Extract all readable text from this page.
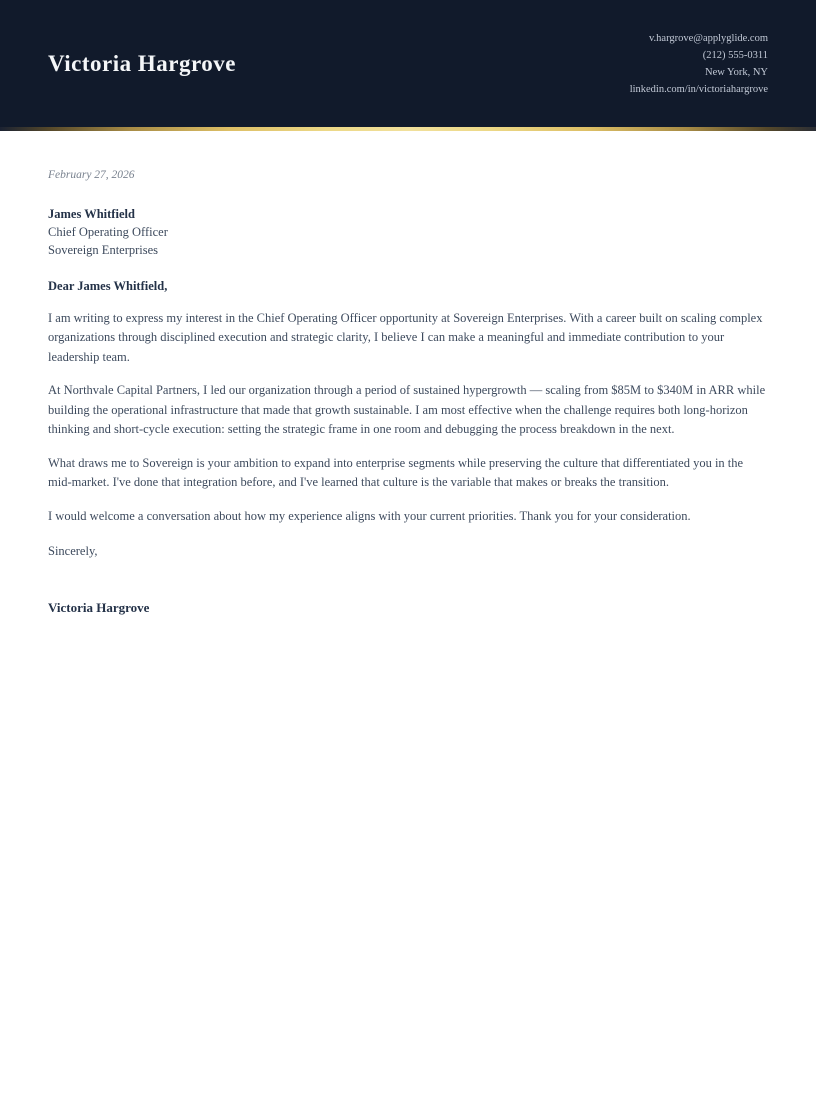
Victoria Hargrove
v.hargrove@applyglide.com
(212) 555-0311
New York, NY
linkedin.com/in/victoriahargrove
February 27, 2026
James Whitfield
Chief Operating Officer
Sovereign Enterprises
Dear James Whitfield,

I am writing to express my interest in the Chief Operating Officer opportunity at Sovereign Enterprises. With a career built on scaling complex organizations through disciplined execution and strategic clarity, I believe I can make a meaningful and immediate contribution to your leadership team.

At Northvale Capital Partners, I led our organization through a period of sustained hypergrowth — scaling from $85M to $340M in ARR while building the operational infrastructure that made that growth sustainable. I am most effective when the challenge requires both long-horizon thinking and short-cycle execution: setting the strategic frame in one room and debugging the process breakdown in the next.

What draws me to Sovereign is your ambition to expand into enterprise segments while preserving the culture that differentiated you in the mid-market. I've done that integration before, and I've learned that culture is the variable that makes or breaks the transition.

I would welcome a conversation about how my experience aligns with your current priorities. Thank you for your consideration.

Sincerely,
Victoria Hargrove
